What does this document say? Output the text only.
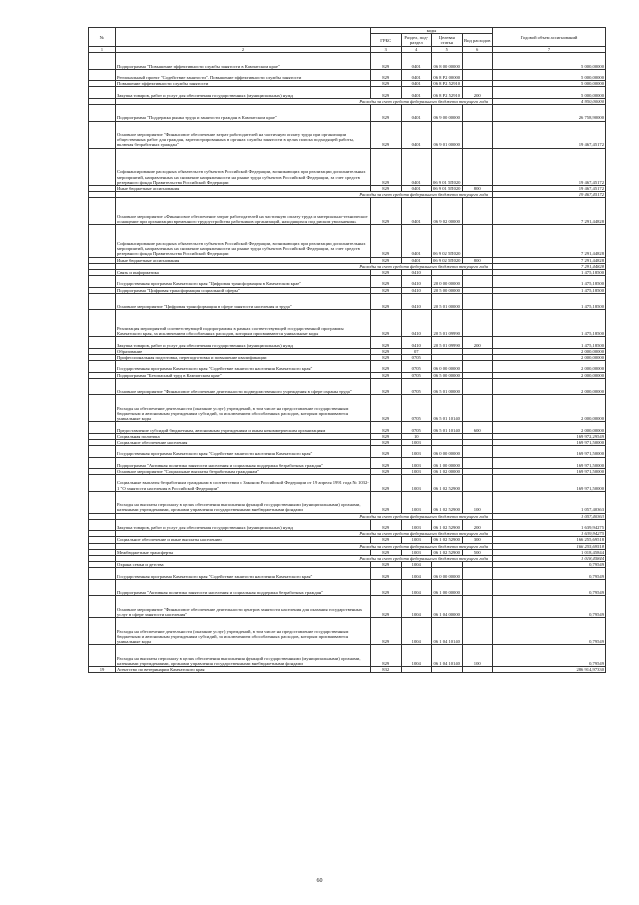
№		коды				Годовой объем ассигнований
		ГРБС	Раздел, под-раздел	Целевая статья	Вид расходов	
1	2	3	4	5	6	7
	Подпрограмма "Повышение эффективности службы занятости в Камчатском крае"	829	0401	06 8 00 00000		5 000,00000
	Региональный проект "Содействие занятости". Повышение эффективности службы занятости	829	0401	06 8 P2 00000		5 000,00000
	Повышение эффективности службы занятости	829	0401	06 8 P2 52910		5 000,00000
	Закупка товаров, работ и услуг для обеспечения государственных (муниципальных) нужд	829	0401	06 8 P2 52910	200	5 000,00000
	Расходы за счет средств федерального бюджета текущего года					4 950,00000
	Подпрограмма "Поддержка рынка труда и занятости граждан в Камчатском крае"	829	0401	06 9 00 00000		26 758,90000
	Основное мероприятие "Финансовое обеспечение затрат работодателей на частичную оплату труда при организации общественных работ для граждан, зарегистрированных в органах службы занятости в целях поиска подходящей работы, включая безработных граждан"	829	0401	06 9 01 00000		19 467,45172
	Софинансирование расходных обязательств субъектов Российской Федерации, возникающих при реализации дополнительных мероприятий, направленных на снижение напряженности на рынке труда субъектов Российской Федерации, за счет средств резервного фонда Правительства Российской Федерации	829	0401	06 9 01 5П020		19 467,45172
	Иные бюджетные ассигнования	829	0401	06 9 01 5П020	800	19 467,45172
	Расходы за счет средств федерального бюджета текущего года					19 467,45172
	Основное мероприятие «Финансовое обеспечение затрат работодателей на частичную оплату труда и материально-техническое оснащение при организации временного трудоустройства работников организаций, находящихся под риском увольнения»	829	0401	06 9 02 00000		7 291,44828
	Софинансирование расходных обязательств субъектов Российской Федерации, возникающих при реализации дополнительных мероприятий, направленных на снижение напряженности на рынке труда субъектов Российской Федерации, за счет средств резервного фонда Правительства Российской Федерации	829	0401	06 9 02 5П020		7 291,44828
	Иные бюджетные ассигнования	829	0401	06 9 02 5П020	800	7 291,44828
	Расходы за счет средств федерального бюджета текущего года					7 291,44828
	Связь и информатика	829	0410			1 475,18500
	Государственная программа Камчатского края "Цифровая трансформация в Камчатском крае"	829	0410	20 0 00 00000		1 475,18500
	Подпрограмма "Цифровая трансформация социальной сферы"	829	0410	20 5 00 00000		1 475,18500
	Основное мероприятие "Цифровая трансформация в сфере занятости населения и труда"	829	0410	20 5 01 00000		1 475,18500
	Реализация мероприятий соответствующей подпрограммы в рамках соответствующей государственной программы Камчатского края, за исключением обособленных расходов, которым присваиваются уникальные коды	829	0410	20 5 01 09990		1 475,18500
	Закупка товаров, работ и услуг для обеспечения государственных (муниципальных) нужд	829	0410	20 5 01 09990	200	1 475,18500
	Образование	829	07			2 000,00000
	Профессиональная подготовка, переподготовка и повышение квалификации	829	0705			2 000,00000
	Государственная программа Камчатского края "Содействие занятости населения Камчатского края"	829	0705	06 0 00 00000		2 000,00000
	Подпрограмма "Безопасный труд в Камчатском крае"	829	0705	06 5 00 00000		2 000,00000
	Основное мероприятие "Финансовое обеспечение деятельности подведомственного учреждения в сфере охраны труда"	829	0705	06 5 01 00000		2 000,00000
	Расходы на обеспечение деятельности (оказание услуг) учреждений, в том числе на предоставление государственным бюджетным и автономным учреждениям субсидий, за исключением обособленных расходов, которым присваиваются уникальные коды	829	0705	06 5 01 10140		2 000,00000
	Предоставление субсидий бюджетным, автономным учреждениям и иным некоммерческим организациям	829	0705	06 5 01 10140	600	2 000,00000
	Социальная политика	829	10			169 972,29549
	Социальное обеспечение населения	829	1003			169 971,50000
	Государственная программа Камчатского края "Содействие занятости населения Камчатского края"	829	1003	06 0 00 00000		169 971,50000
	Подпрограмма "Активная политика занятости населения и социальная поддержка безработных граждан"	829	1003	06 1 00 00000		169 971,50000
	Основное мероприятие "Социальные выплаты безработным гражданам"	829	1003	06 1 02 00000		169 971,50000
	Социальные выплаты безработным гражданам в соответствии с Законом Российской Федерации от 19 апреля 1991 года № 1032-1 "О занятости населения в Российской Федерации"	829	1003	06 1 02 52900		169 971,50000
	Расходы на выплаты персоналу в целях обеспечения выполнения функций государственными (муниципальными) органами, казенными учреждениями, органами управления государственными внебюджетными фондами	829	1003	06 1 02 52900	100	1 057,40363
	Расходы за счет средств федерального бюджета текущего года					1 057,40363
	Закупка товаров, работ и услуг для обеспечения государственных (муниципальных) нужд	829	1003	06 1 02 52900	200	1 639,94275
	Расходы за счет средств федерального бюджета текущего года					1 639,94275
	Социальное обеспечение и иные выплаты населению	829	1003	06 1 02 52900	300	166 255,69518
	Расходы за счет средств федерального бюджета текущего года					166 255,69518
	Межбюджетные трансферты	829	1003	06 1 02 52900	500	1 018,45844
	Расходы за счет средств федерального бюджета текущего года					1 018,45844
	Охрана семьи и детства	829	1004			0,79549
	Государственная программа Камчатского края "Содействие занятости населения Камчатского края"	829	1004	06 0 00 00000		0,79549
	Подпрограмма "Активная политика занятости населения и социальная поддержка безработных граждан"	829	1004	06 1 00 00000		0,79549
	Основное мероприятие "Финансовое обеспечение деятельности центров занятости населения для оказания государственных услуг в сфере занятости населения"	829	1004	06 1 04 00000		0,79549
	Расходы на обеспечение деятельности (оказание услуг) учреждений, в том числе на предоставление государственным бюджетным и автономным учреждениям субсидий, за исключением обособленных расходов, которым присваиваются уникальные коды	829	1004	06 1 04 10140		0,79549
	Расходы на выплаты персоналу в целях обеспечения выполнения функций государственными (муниципальными) органами, казенными учреждениями, органами управления государственными внебюджетными фондами	829	1004	06 1 04 10140	100	0,79549
19	Агентство по ветеринарии Камчатского края	832				286 914,97330
60
